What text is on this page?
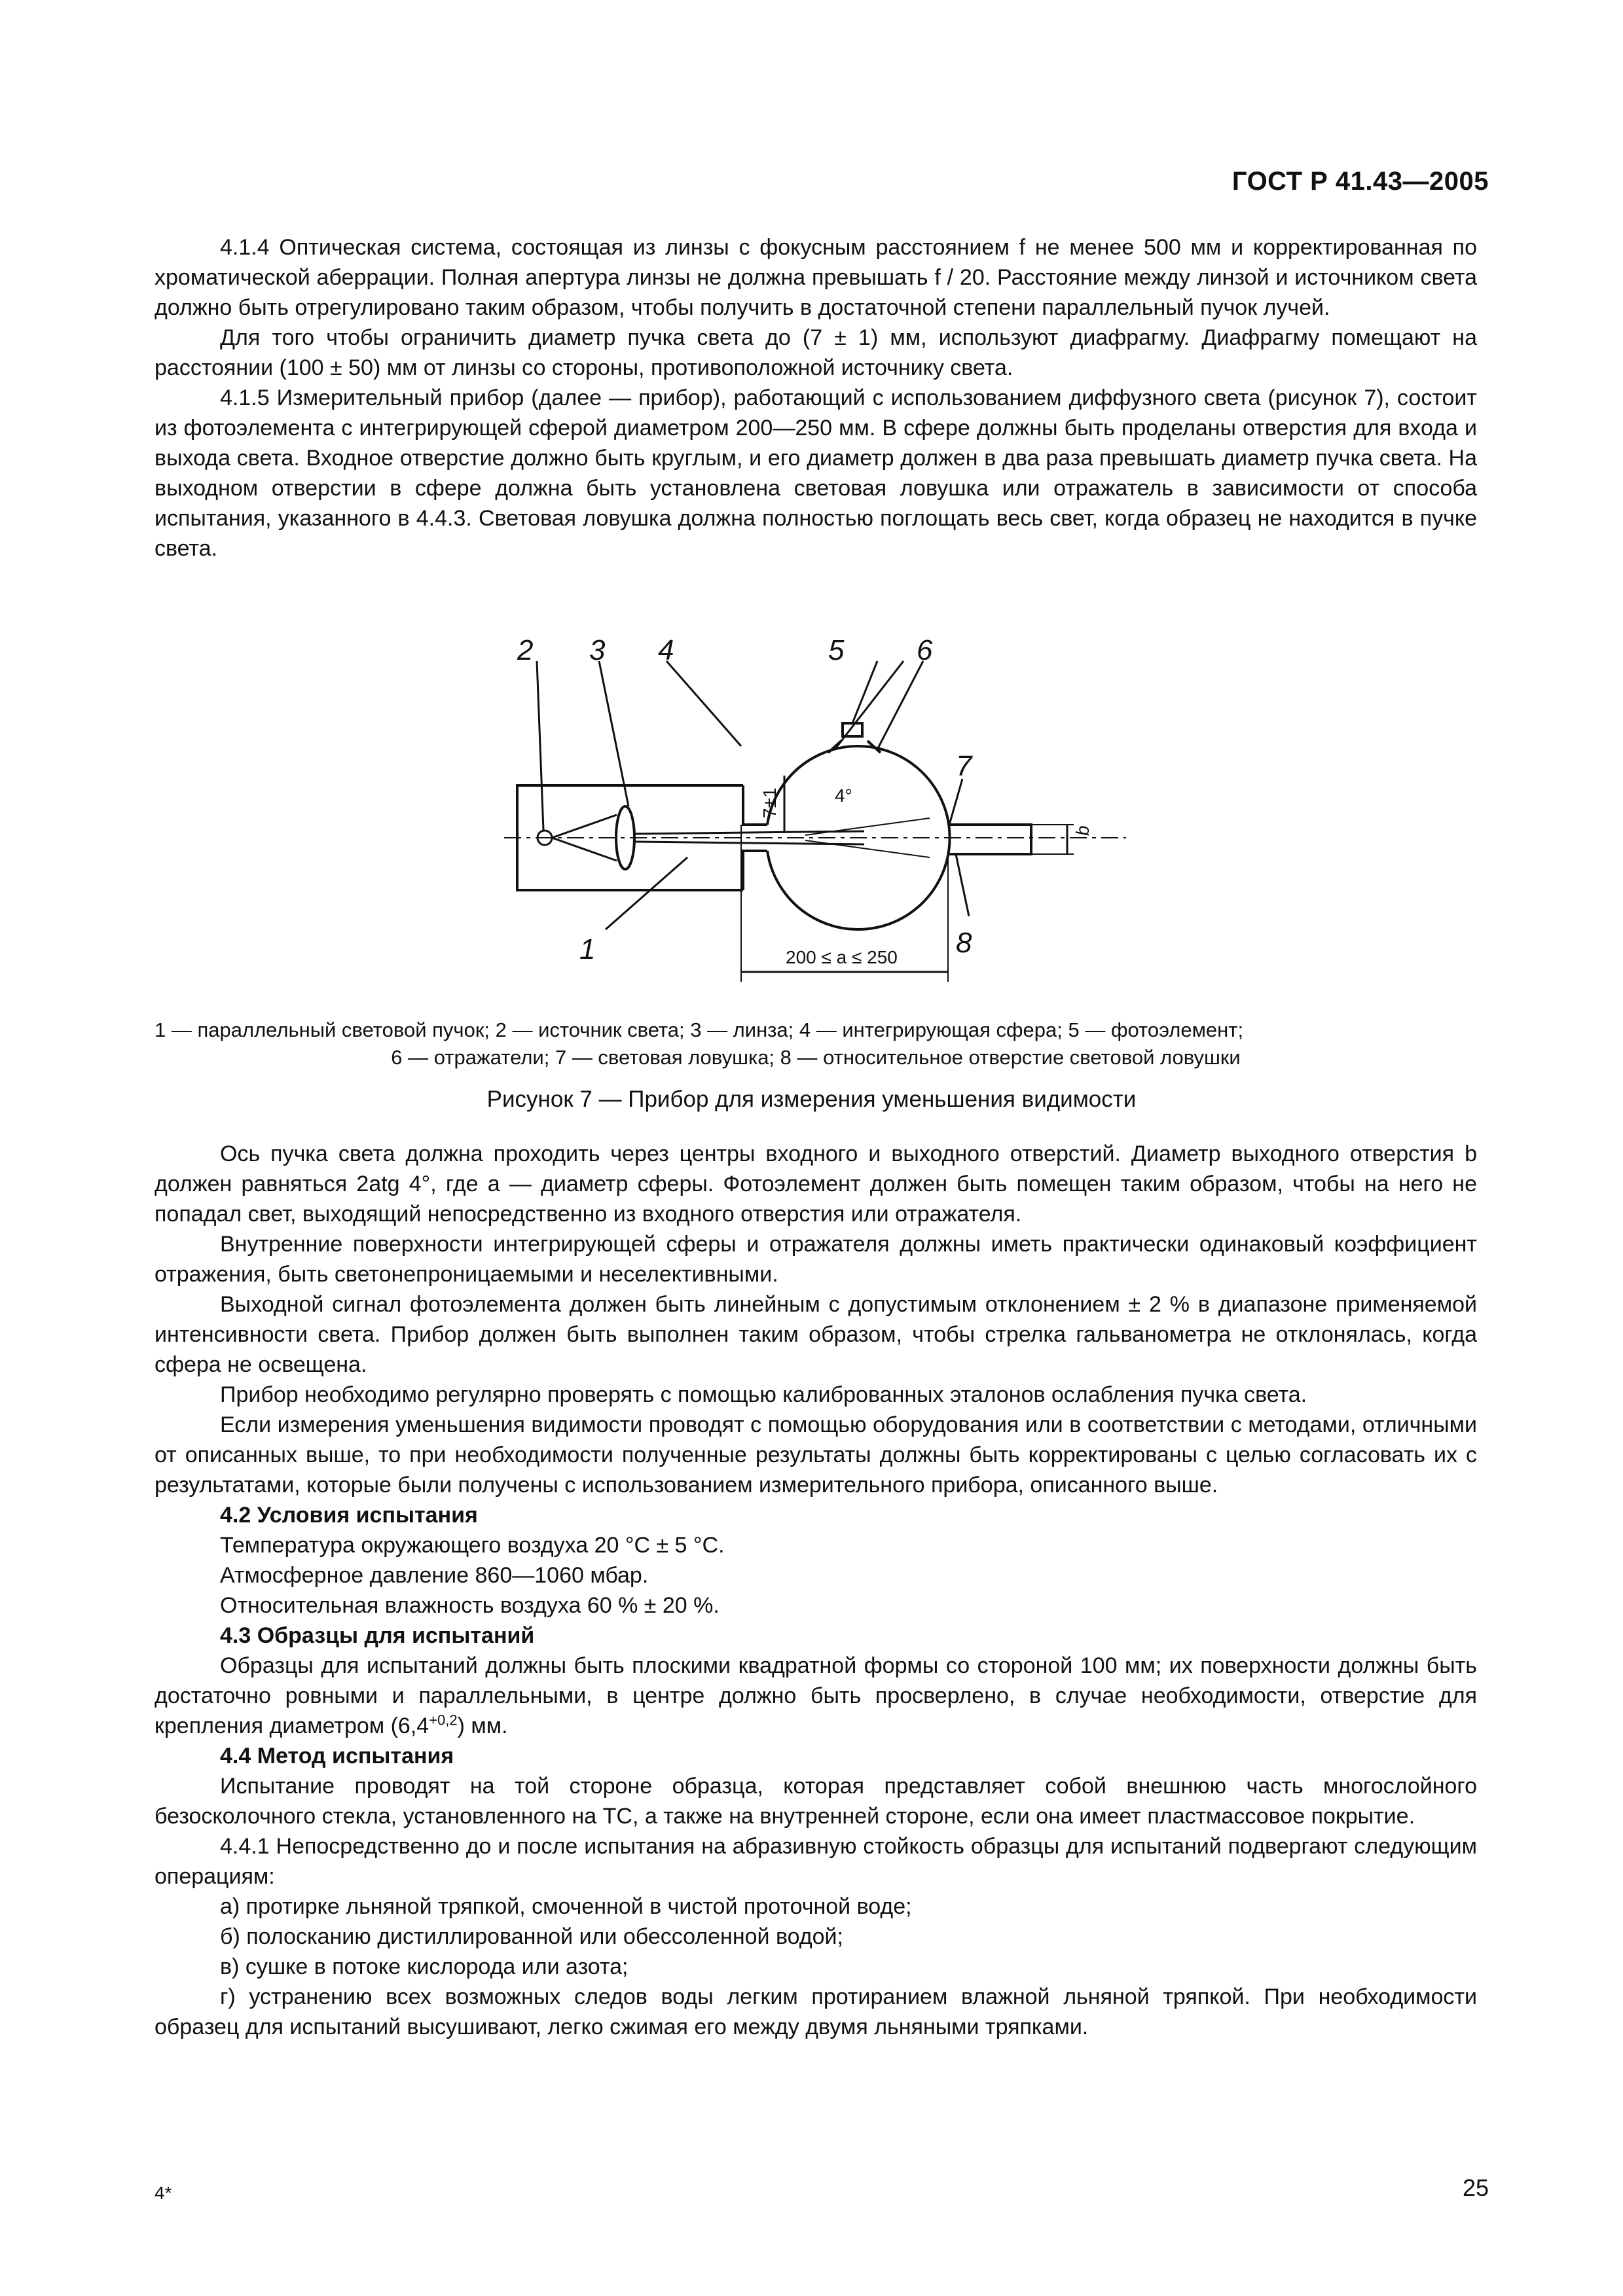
ГОСТ Р 41.43—2005

4.1.4 Оптическая система, состоящая из линзы с фокусным расстоянием f не менее 500 мм и корректированная по хроматической аберрации. Полная апертура линзы не должна превышать f / 20. Расстояние между линзой и источником света должно быть отрегулировано таким образом, чтобы получить в достаточной степени параллельный пучок лучей.

Для того чтобы ограничить диаметр пучка света до (7 ± 1) мм, используют диафрагму. Диафрагму помещают на расстоянии (100 ± 50) мм от линзы со стороны, противоположной источнику света.

4.1.5 Измерительный прибор (далее — прибор), работающий с использованием диффузного света (рисунок 7), состоит из фотоэлемента с интегрирующей сферой диаметром 200—250 мм. В сфере должны быть проделаны отверстия для входа и выхода света. Входное отверстие должно быть круглым, и его диаметр должен в два раза превышать диаметр пучка света. На выходном отверстии в сфере должна быть установлена световая ловушка или отражатель в зависимости от способа испытания, указанного в 4.4.3. Световая ловушка должна полностью поглощать весь свет, когда образец не находится в пучке света.

2 3 4	5	6
7
8
1
4°
7±1
b
200 ≤ a ≤ 250
1 — параллельный световой пучок; 2 — источник света; 3 — линза; 4 — интегрирующая сфера; 5 — фотоэлемент;
6 — отражатели; 7 — световая ловушка; 8 — относительное отверстие световой ловушки
Рисунок 7 — Прибор для измерения уменьшения видимости

Ось пучка света должна проходить через центры входного и выходного отверстий. Диаметр выходного отверстия b должен равняться 2atg 4°, где a — диаметр сферы. Фотоэлемент должен быть помещен таким образом, чтобы на него не попадал свет, выходящий непосредственно из входного отверстия или отражателя.

Внутренние поверхности интегрирующей сферы и отражателя должны иметь практически одинаковый коэффициент отражения, быть светонепроницаемыми и неселективными.

Выходной сигнал фотоэлемента должен быть линейным с допустимым отклонением ± 2 % в диапазоне применяемой интенсивности света. Прибор должен быть выполнен таким образом, чтобы стрелка гальванометра не отклонялась, когда сфера не освещена.

Прибор необходимо регулярно проверять с помощью калиброванных эталонов ослабления пучка света.

Если измерения уменьшения видимости проводят с помощью оборудования или в соответствии с методами, отличными от описанных выше, то при необходимости полученные результаты должны быть корректированы с целью согласовать их с результатами, которые были получены с использованием измерительного прибора, описанного выше.

4.2 Условия испытания

Температура окружающего воздуха 20 °С ± 5 °С.

Атмосферное давление 860—1060 мбар.

Относительная влажность воздуха 60 % ± 20 %.

4.3 Образцы для испытаний

Образцы для испытаний должны быть плоскими квадратной формы со стороной 100 мм; их поверхности должны быть достаточно ровными и параллельными, в центре должно быть просверлено, в случае необходимости, отверстие для крепления диаметром $(6,4^{+0,2})$ мм.

4.4 Метод испытания

Испытание проводят на той стороне образца, которая представляет собой внешнюю часть многослойного безосколочного стекла, установленного на ТС, а также на внутренней стороне, если она имеет пластмассовое покрытие.

4.4.1 Непосредственно до и после испытания на абразивную стойкость образцы для испытаний подвергают следующим операциям:

а) протирке льняной тряпкой, смоченной в чистой проточной воде;

б) полосканию дистиллированной или обессоленной водой;

в) сушке в потоке кислорода или азота;

г) устранению всех возможных следов воды легким протиранием влажной льняной тряпкой. При необходимости образец для испытаний высушивают, легко сжимая его между двумя льняными тряпками.

4*	25
